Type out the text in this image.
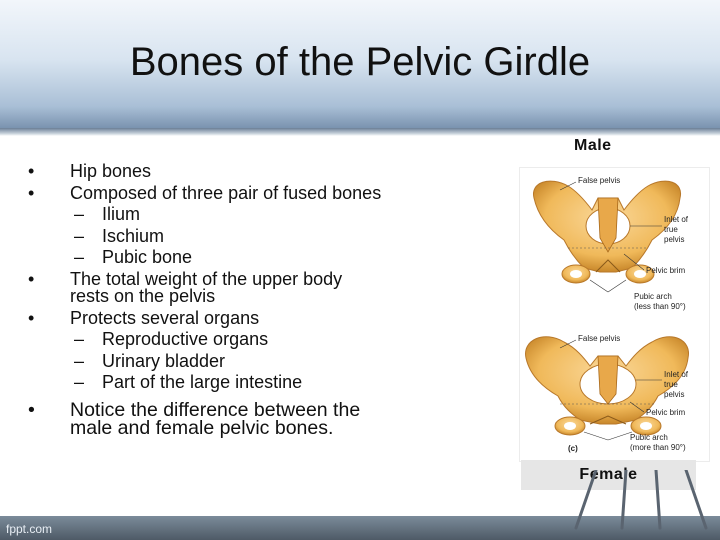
Bones of the Pelvic Girdle
• Hip bones
• Composed of three pair of fused bones
– Ilium
– Ischium
– Pubic bone
• The total weight of the upper body
rests on the pelvis
• Protects several organs
– Reproductive organs
– Urinary bladder
– Part of the large intestine
• Notice the difference between the
male and female pelvic bones.
Male
False pelvis
Inlet of
true
pelvis
Pelvic brim
Pubic arch
(less than 90°)
False pelvis
Inlet of
true
pelvis
Pelvic brim
Pubic arch
(more than 90°)
(c)
Female
fppt.com
